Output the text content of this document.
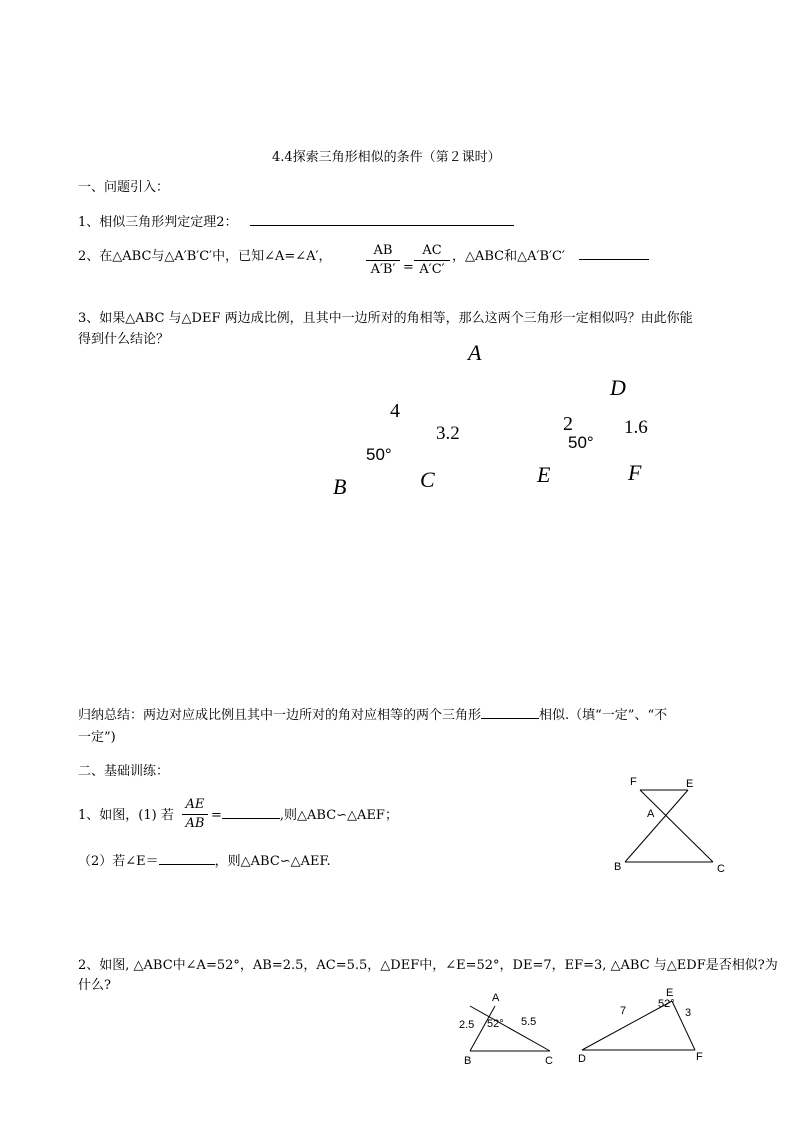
4.4探索三角形相似的条件（第２课时）
一、问题引入：
1、相似三角形判定定理2：
2、在△ABC与△A′B′C′中，已知∠A=∠A′，	AB
A′B′ =
AC
A′C′
，△ABC和△A′B′C′
3、如果△ABC 与△DEF 两边成比例，且其中一边所对的角相等，那么这两个三角形一定相似吗？由此你能
得到什么结论？
A
4
3.2
50°
B	C
D
2
50°
1.6
E	F
归纳总结：两边对应成比例且其中一边所对的角对应相等的两个三角形	相似.（填“一定”、“不
一定”)
二、基础训练：
1、如图，(1) 若
AE
AB
=	,则△ABC∽△AEF；
（2）若∠E＝	，则△ABC∽△AEF.
F	E
A
B	C
2、如图, △ABC中∠A=52°，AB=2.5，AC=5.5，△DEF中，∠E=52°，DE=7，EF=3, △ABC 与△EDF是否相似?为
什么?
A
2.5 52° 5.5
B	C
E
52°
7	3
D	F
